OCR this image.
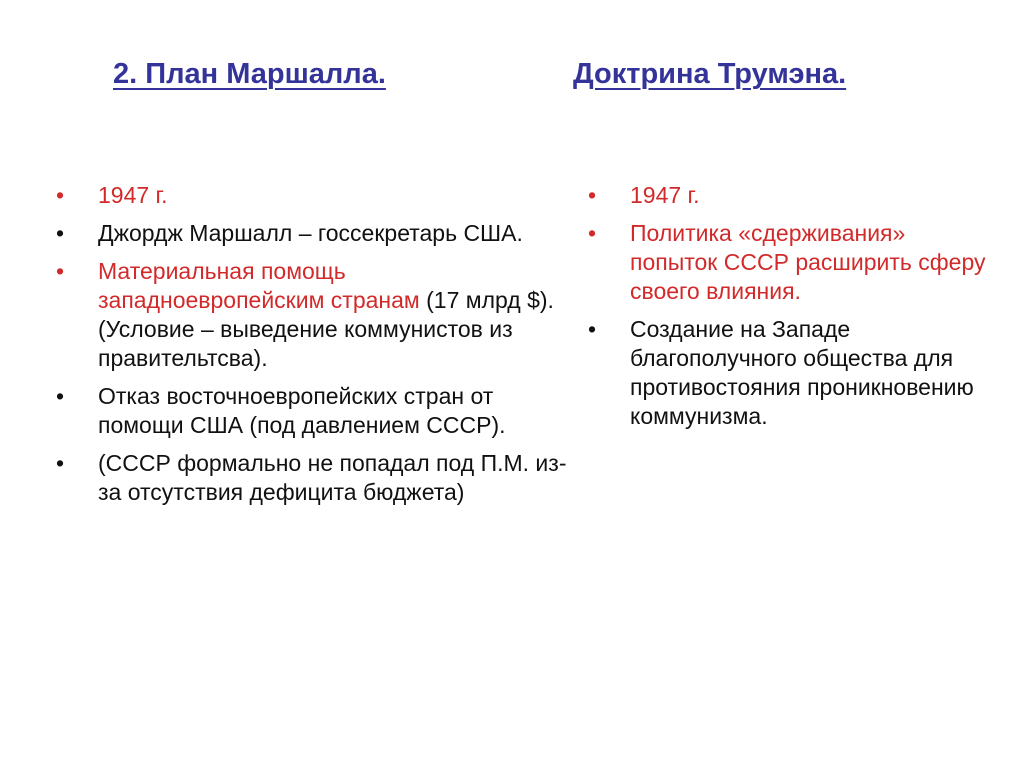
2. План Маршалла.	Доктрина Трумэна.
• 1947 г.
• Джордж Маршалл – госсекретарь США.
• Материальная помощь западноевропейским странам (17 млрд $). (Условие – выведение коммунистов из правительтсва).
• Отказ восточноевропейских стран от помощи США (под давлением СССР).
• (СССР формально не попадал под П.М. из-за отсутствия дефицита бюджета)
• 1947 г.
• Политика «сдерживания» попыток СССР расширить сферу своего влияния.
• Создание на Западе благополучного общества для противостояния проникновению коммунизма.
